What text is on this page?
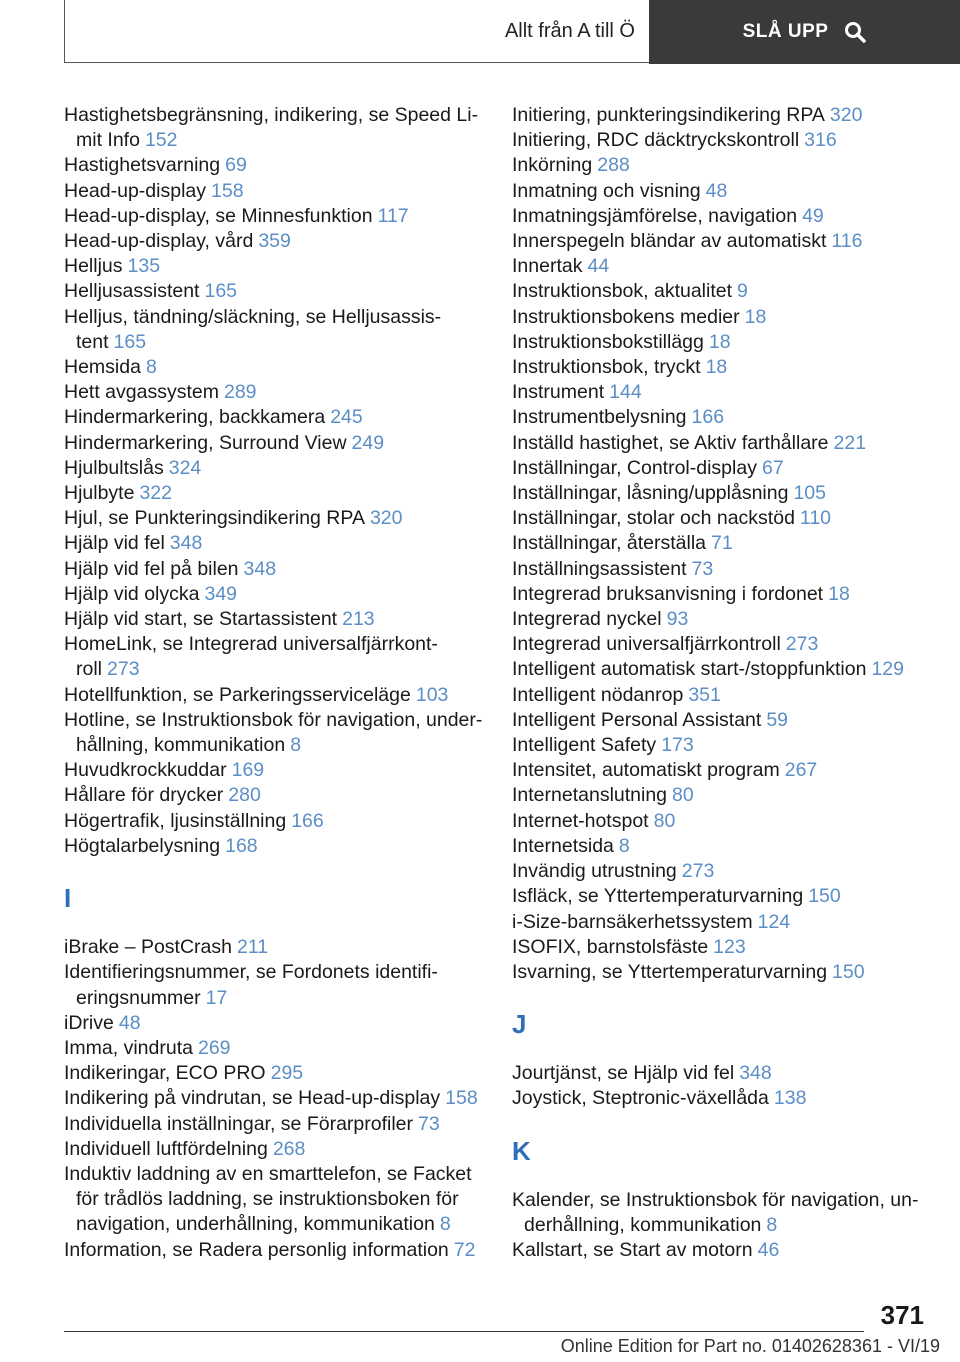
Allt från A till Ö	SLÅ UPP
Hastighetsbegränsning, indikering, se Speed Li-
mit Info 152
Hastighetsvarning 69
Head-up-display 158
Head-up-display, se Minnesfunktion 117
Head-up-display, vård 359
Helljus 135
Helljusassistent 165
Helljus, tändning/släckning, se Helljusassis-
tent 165
Hemsida 8
Hett avgassystem 289
Hindermarkering, backkamera 245
Hindermarkering, Surround View 249
Hjulbultslås 324
Hjulbyte 322
Hjul, se Punkteringsindikering RPA 320
Hjälp vid fel 348
Hjälp vid fel på bilen 348
Hjälp vid olycka 349
Hjälp vid start, se Startassistent 213
HomeLink, se Integrerad universalfjärrkont-
roll 273
Hotellfunktion, se Parkeringsserviceläge 103
Hotline, se Instruktionsbok för navigation, under-
hållning, kommunikation 8
Huvudkrockkuddar 169
Hållare för drycker 280
Högertrafik, ljusinställning 166
Högtalarbelysning 168
I
iBrake – PostCrash 211
Identifieringsnummer, se Fordonets identifi-
eringsnummer 17
iDrive 48
Imma, vindruta 269
Indikeringar, ECO PRO 295
Indikering på vindrutan, se Head-up-display 158
Individuella inställningar, se Förarprofiler 73
Individuell luftfördelning 268
Induktiv laddning av en smarttelefon, se Facket
för trådlös laddning, se instruktionsboken för
navigation, underhållning, kommunikation 8
Information, se Radera personlig information 72
Initiering, punkteringsindikering RPA 320
Initiering, RDC däcktryckskontroll 316
Inkörning 288
Inmatning och visning 48
Inmatningsjämförelse, navigation 49
Innerspegeln bländar av automatiskt 116
Innertak 44
Instruktionsbok, aktualitet 9
Instruktionsbokens medier 18
Instruktionsbokstillägg 18
Instruktionsbok, tryckt 18
Instrument 144
Instrumentbelysning 166
Inställd hastighet, se Aktiv farthållare 221
Inställningar, Control-display 67
Inställningar, låsning/upplåsning 105
Inställningar, stolar och nackstöd 110
Inställningar, återställa 71
Inställningsassistent 73
Integrerad bruksanvisning i fordonet 18
Integrerad nyckel 93
Integrerad universalfjärrkontroll 273
Intelligent automatisk start-/stoppfunktion 129
Intelligent nödanrop 351
Intelligent Personal Assistant 59
Intelligent Safety 173
Intensitet, automatiskt program 267
Internetanslutning 80
Internet-hotspot 80
Internetsida 8
Invändig utrustning 273
Isfläck, se Yttertemperaturvarning 150
i-Size-barnsäkerhetssystem 124
ISOFIX, barnstolsfäste 123
Isvarning, se Yttertemperaturvarning 150
J
Jourtjänst, se Hjälp vid fel 348
Joystick, Steptronic-växellåda 138
K
Kalender, se Instruktionsbok för navigation, un-
derhållning, kommunikation 8
Kallstart, se Start av motorn 46
371
Online Edition for Part no. 01402628361 - VI/19
